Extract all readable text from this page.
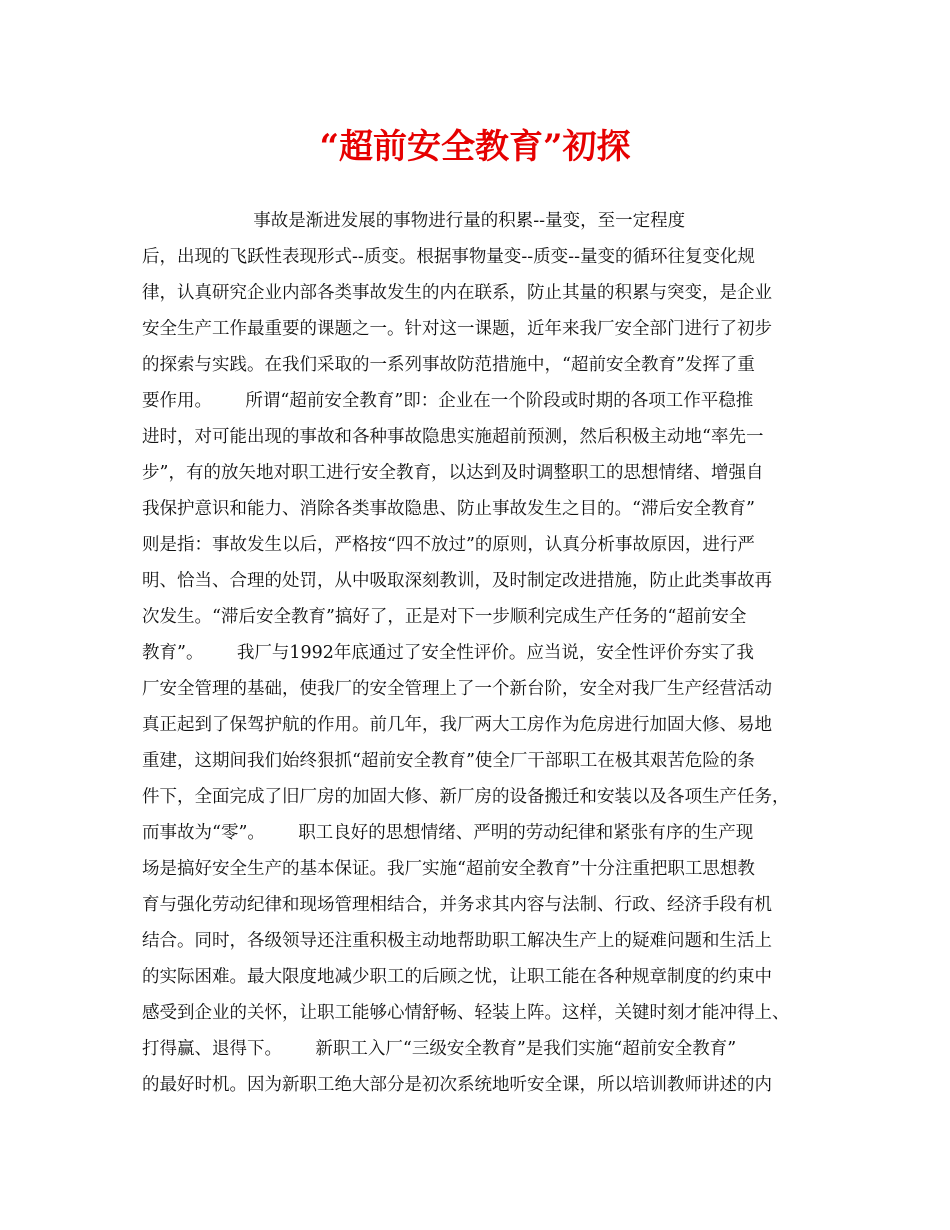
“超前安全教育”初探
事故是渐进发展的事物进行量的积累--量变，至一定程度
后，出现的飞跃性表现形式--质变。根据事物量变--质变--量变的循环往复变化规
律，认真研究企业内部各类事故发生的内在联系，防止其量的积累与突变，是企业
安全生产工作最重要的课题之一。针对这一课题，近年来我厂安全部门进行了初步
的探索与实践。在我们采取的一系列事故防范措施中，“超前安全教育”发挥了重
要作用。      所谓“超前安全教育”即：企业在一个阶段或时期的各项工作平稳推
进时，对可能出现的事故和各种事故隐患实施超前预测，然后积极主动地“率先一
步”，有的放矢地对职工进行安全教育，以达到及时调整职工的思想情绪、增强自
我保护意识和能力、消除各类事故隐患、防止事故发生之目的。“滞后安全教育”
则是指：事故发生以后，严格按“四不放过”的原则，认真分析事故原因，进行严
明、恰当、合理的处罚，从中吸取深刻教训，及时制定改进措施，防止此类事故再
次发生。“滞后安全教育”搞好了，正是对下一步顺利完成生产任务的“超前安全
教育”。      我厂与1992年底通过了安全性评价。应当说，安全性评价夯实了我
厂安全管理的基础，使我厂的安全管理上了一个新台阶，安全对我厂生产经营活动
真正起到了保驾护航的作用。前几年，我厂两大工房作为危房进行加固大修、易地
重建，这期间我们始终狠抓“超前安全教育”使全厂干部职工在极其艰苦危险的条
件下，全面完成了旧厂房的加固大修、新厂房的设备搬迁和安装以及各项生产任务，
而事故为“零”。      职工良好的思想情绪、严明的劳动纪律和紧张有序的生产现
场是搞好安全生产的基本保证。我厂实施“超前安全教育”十分注重把职工思想教
育与强化劳动纪律和现场管理相结合，并务求其内容与法制、行政、经济手段有机
结合。同时，各级领导还注重积极主动地帮助职工解决生产上的疑难问题和生活上
的实际困难。最大限度地减少职工的后顾之忧，让职工能在各种规章制度的约束中
感受到企业的关怀，让职工能够心情舒畅、轻装上阵。这样，关键时刻才能冲得上、
打得赢、退得下。      新职工入厂“三级安全教育”是我们实施“超前安全教育”
的最好时机。因为新职工绝大部分是初次系统地听安全课，所以培训教师讲述的内
